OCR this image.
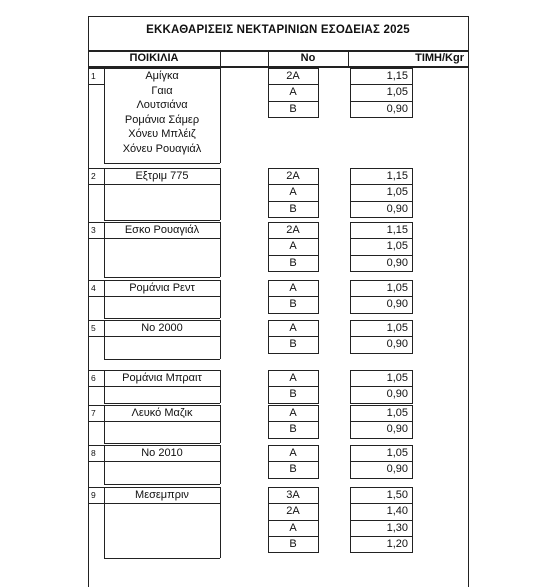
ΕΚΚΑΘΑΡΙΣΕΙΣ ΝΕΚΤΑΡΙΝΙΩΝ ΕΣΟΔΕΙΑΣ 2025
ΠΟΙΚΙΛΙΑ	No	ΤΙΜΗ/Kgr
1	Αμίγκα
Γαια
Λουτσιάνα
Ρομάνια Σάμερ
Χόνευ Μπλέιζ
Χόνευ Ρουαγιάλ
2Α	1,15
Α	1,05
Β	0,90
2	Εξτριμ 775	2Α	1,15
Α	1,05
Β	0,90
3	Εσκο Ρουαγιάλ	2Α	1,15
Α	1,05
Β	0,90
4	Ρομάνια Ρεντ	Α	1,05
Β	0,90
5	Νο 2000	Α	1,05
Β	0,90
6	Ρομάνια Μπραιτ	Α	1,05
Β	0,90
7	Λευκό Μαζικ	Α	1,05
Β	0,90
8	Νο 2010	Α	1,05
Β	0,90
9	Μεσεμπριν	3Α	1,50
2Α	1,40
Α	1,30
Β	1,20
